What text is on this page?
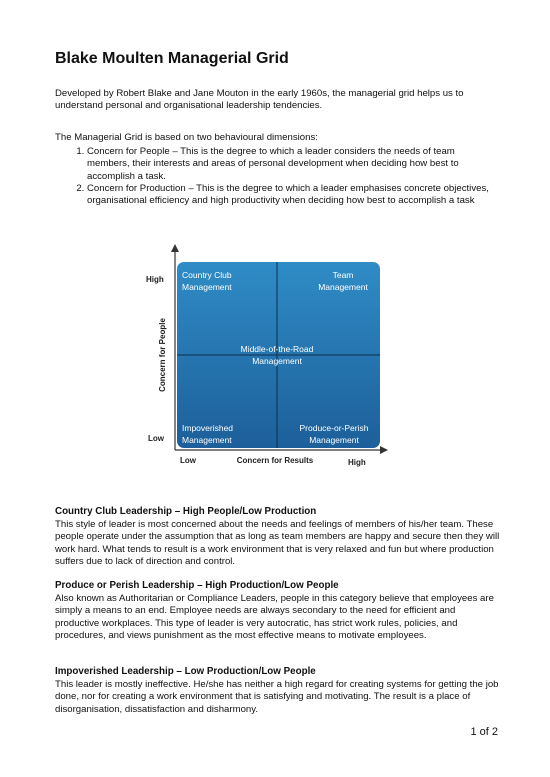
Blake Moulten Managerial Grid

Developed by Robert Blake and Jane Mouton in the early 1960s, the managerial grid helps us to understand personal and organisational leadership tendencies.

The Managerial Grid is based on two behavioural dimensions:

1. Concern for People – This is the degree to which a leader considers the needs of team members, their interests and areas of personal development when deciding how best to accomplish a task.
2. Concern for Production – This is the degree to which a leader emphasises concrete objectives, organisational efficiency and high productivity when deciding how best to accomplish a task
Country Club
Management
Team
Management
Middle-of-the-Road
Management
Impoverished
Management
Produce-or-Perish
Management
High
Low
Concern for People
Low	Concern for Results	High

Country Club Leadership – High People/Low Production

This style of leader is most concerned about the needs and feelings of members of his/her team. These people operate under the assumption that as long as team members are happy and secure then they will work hard. What tends to result is a work environment that is very relaxed and fun but where production suffers due to lack of direction and control.

Produce or Perish Leadership – High Production/Low People

Also known as Authoritarian or Compliance Leaders, people in this category believe that employees are simply a means to an end. Employee needs are always secondary to the need for efficient and productive workplaces. This type of leader is very autocratic, has strict work rules, policies, and procedures, and views punishment as the most effective means to motivate employees.

Impoverished Leadership – Low Production/Low People

This leader is mostly ineffective. He/she has neither a high regard for creating systems for getting the job done, nor for creating a work environment that is satisfying and motivating. The result is a place of disorganisation, dissatisfaction and disharmony.

1 of 2
